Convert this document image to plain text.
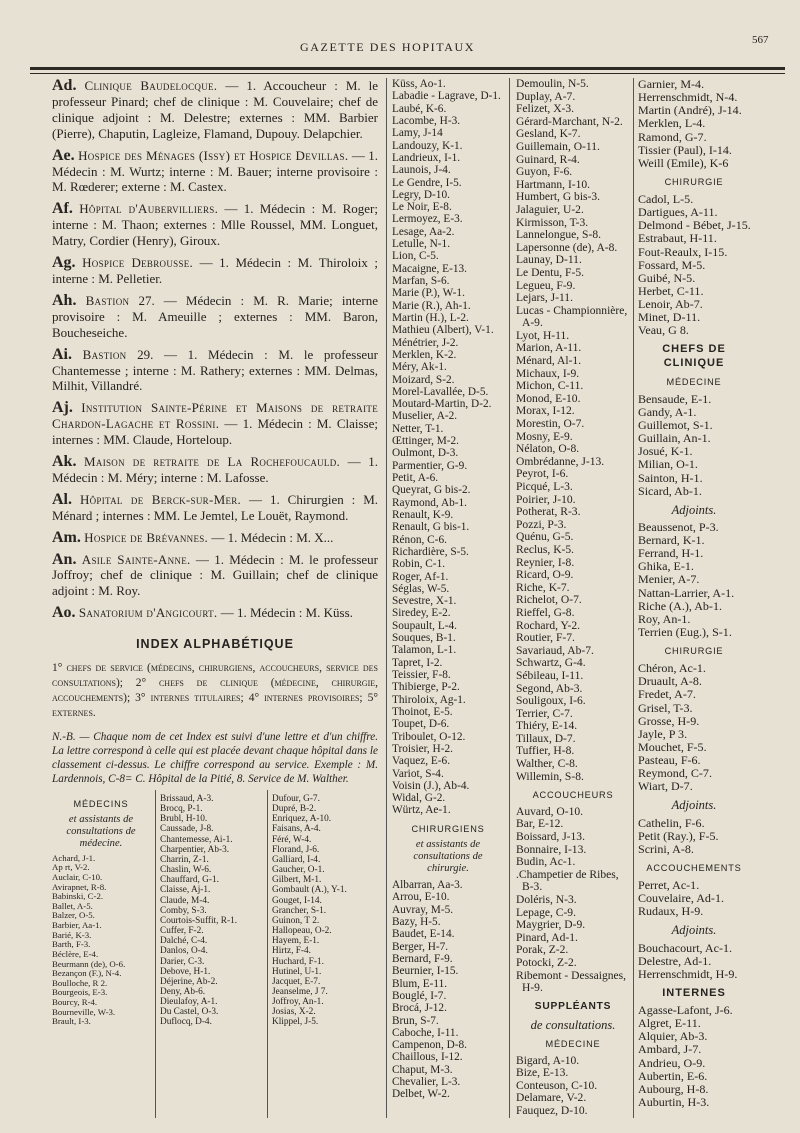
GAZETTE DES HOPITAUX	567

Ad. Clinique Baudelocque. — 1. Accoucheur : M. le professeur Pinard; chef de clinique : M. Couvelaire; chef de clinique adjoint : M. Delestre; externes : MM. Barbier (Pierre), Chaputin, Lagleize, Flamand, Dupouy. Delapchier.

Ae. Hospice des Ménages (Issy) et Hospice Devillas. — 1. Médecin : M. Wurtz; interne : M. Bauer; interne provisoire : M. Rœderer; externe : M. Castex.

Af. Hôpital d'Aubervilliers. — 1. Médecin : M. Roger; interne : M. Thaon; externes : Mlle Roussel, MM. Longuet, Matry, Cordier (Henry), Giroux.

Ag. Hospice Debrousse. — 1. Médecin : M. Thiroloix ; interne : M. Pelletier.

Ah. Bastion 27. — Médecin : M. R. Marie; interne provisoire : M. Ameuille ; externes : MM. Baron, Boucheseiche.

Ai. Bastion 29. — 1. Médecin : M. le professeur Chantemesse ; interne : M. Rathery; externes : MM. Delmas, Milhit, Villandré.

Aj. Institution Sainte-Périne et Maisons de retraite Chardon-Lagache et Rossini. — 1. Médecin : M. Claisse; internes : MM. Claude, Horteloup.

Ak. Maison de retraite de La Rochefoucauld. — 1. Médecin : M. Méry; interne : M. Lafosse.

Al. Hôpital de Berck-sur-Mer. — 1. Chirurgien : M. Ménard ; internes : MM. Le Jemtel, Le Louët, Raymond.

Am. Hospice de Brévannes. — 1. Médecin : M. X...

An. Asile Sainte-Anne. — 1. Médecin : M. le professeur Joffroy; chef de clinique : M. Guillain; chef de clinique adjoint : M. Roy.

Ao. Sanatorium d'Angicourt. — 1. Médecin : M. Küss.

INDEX ALPHABÉTIQUE

1° chefs de service (médecins, chirurgiens, accoucheurs, service des consultations); 2° chefs de clinique (médecine, chirurgie, accouchements); 3° internes titulaires; 4° internes provisoires; 5° externes.

N.-B. — Chaque nom de cet Index est suivi d'une lettre et d'un chiffre. La lettre correspond à celle qui est placée devant chaque hôpital dans le classement ci-dessus. Le chiffre correspond au service. Exemple : M. Lardennois, C-8= C. Hôpital de la Pitié, 8. Service de M. Walther.

MÉDECINS
et assistants de consultations de médecine.
Achard, J-1.
Ap rt, V-2.
Auclair, C-10.
Avirapnet, R-8.
Babinski, C-2.
Ballet, A-5.
Balzer, O-5.
Barbier, Aa-1.
Barié, K-3.
Barth, F-3.
Béclère, E-4.
Beurmann (de), O-6.
Bezançon (F.), N-4.
Boulloche, R 2.
Bourgeois, E-3.
Bourcy, R-4.
Bourneville, W-3.
Brault, I-3.
Brissaud, A-3.
Brocq, P-1.
Brubl, H-10.
Caussade, J-8.
Chantemesse, Ai-1.
Charpentier, Ab-3.
Charrin, Z-1.
Chaslin, W-6.
Chauffard, G-1.
Claisse, Aj-1.
Claude, M-4.
Comby, S-3.
Courtois-Suffit, R-1.
Cuffer, F-2.
Dalché, C-4.
Danlos, O-4.
Darier, C-3.
Debove, H-1.
Déjerine, Ab-2.
Deny, Ab-6.
Dieulafoy, A-1.
Du Castel, O-3.
Duflocq, D-4.
Dufour, G-7.
Dupré, B-2.
Enriquez, A-10.
Faisans, A-4.
Féré, W-4.
Florand, J-6.
Galliard, I-4.
Gaucher, O-1.
Gilbert, M-1.
Gombault (A.), Y-1.
Gouget, I-14.
Grancher, S-1.
Guinon, T 2.
Hallopeau, O-2.
Hayem, E-1.
Hirtz, F-4.
Huchard, F-1.
Hutinel, U-1.
Jacquet, E-7.
Jeanselme, J 7.
Joffroy, An-1.
Josias, X-2.
Klippel, J-5.
Küss, Ao-1.
Labadie - Lagrave, D-1.
Laubé, K-6.
Lacombe, H-3.
Lamy, J-14
Landouzy, K-1.
Landrieux, I-1.
Launois, J-4.
Le Gendre, I-5.
Legry, D-10.
Le Noir, E-8.
Lermoyez, E-3.
Lesage, Aa-2.
Letulle, N-1.
Lion, C-5.
Macaigne, E-13.
Marfan, S-6.
Marie (P.), W-1.
Marie (R.), Ah-1.
Martin (H.), L-2.
Mathieu (Albert), V-1.
Ménétrier, J-2.
Merklen, K-2.
Méry, Ak-1.
Moizard, S-2.
Morel-Lavallée, D-5.
Moutard-Martin, D-2.
Muselier, A-2.
Netter, T-1.
Œttinger, M-2.
Oulmont, D-3.
Parmentier, G-9.
Petit, A-6.
Queyrat, G bis-2.
Raymond, Ab-1.
Renault, K-9.
Renault, G bis-1.
Rénon, C-6.
Richardière, S-5.
Robin, C-1.
Roger, Af-1.
Séglas, W-5.
Sevestre, X-1.
Siredey, E-2.
Soupault, L-4.
Souques, B-1.
Talamon, L-1.
Tapret, I-2.
Teissier, F-8.
Thibierge, P-2.
Thiroloix, Ag-1.
Thoinot, E-5.
Toupet, D-6.
Triboulet, O-12.
Troisier, H-2.
Vaquez, E-6.
Variot, S-4.
Voisin (J.), Ab-4.
Widal, G-2.
Würtz, Ae-1.
CHIRURGIENS
et assistants de consultations de chirurgie.
Albarran, Aa-3.
Arrou, E-10.
Auvray, M-5.
Bazy, H-5.
Baudet, E-14.
Berger, H-7.
Bernard, F-9.
Beurnier, I-15.
Blum, E-11.
Bouglé, I-7.
Brocá, J-12.
Brun, S-7.
Caboche, I-11.
Campenon, D-8.
Chaillous, I-12.
Chaput, M-3.
Chevalier, L-3.
Delbet, W-2.
Demoulin, N-5.
Duplay, A-7.
Felizet, X-3.
Gérard-Marchant, N-2.
Gesland, K-7.
Guillemain, O-11.
Guinard, R-4.
Guyon, F-6.
Hartmann, I-10.
Humbert, G bis-3.
Jalaguier, U-2.
Kirmisson, T-3.
Lannelongue, S-8.
Lapersonne (de), A-8.
Launay, D-11.
Le Dentu, F-5.
Legueu, F-9.
Lejars, J-11.
Lucas - Championnière, A-9.
Lyot, H-11.
Marion, A-11.
Ménard, Al-1.
Michaux, I-9.
Michon, C-11.
Monod, E-10.
Morax, I-12.
Morestin, O-7.
Mosny, E-9.
Nélaton, O-8.
Ombrédanne, J-13.
Peyrot, I-6.
Picqué, L-3.
Poirier, J-10.
Potherat, R-3.
Pozzi, P-3.
Quénu, G-5.
Reclus, K-5.
Reynier, I-8.
Ricard, O-9.
Riche, K-7.
Richelot, O-7.
Rieffel, G-8.
Rochard, Y-2.
Routier, F-7.
Savariaud, Ab-7.
Schwartz, G-4.
Sébileau, I-11.
Segond, Ab-3.
Souligoux, I-6.
Terrier, C-7.
Thiéry, E-14.
Tillaux, D-7.
Tuffier, H-8.
Walther, C-8.
Willemin, S-8.
ACCOUCHEURS
Auvard, O-10.
Bar, E-12.
Boissard, J-13.
Bonnaire, I-13.
Budin, Ac-1.
.Champetier de Ribes, B-3.
Doléris, N-3.
Lepage, C-9.
Maygrier, D-9.
Pinard, Ad-1.
Porak, Z-2.
Potocki, Z-2.
Ribemont - Dessaignes, H-9.
SUPPLÉANTS
de consultations.
MÉDECINE
Bigard, A-10.
Bize, E-13.
Conteuson, C-10.
Delamare, V-2.
Fauquez, D-10.
Garnier, M-4.
Herrenschmidt, N-4.
Martin (André), J-14.
Merklen, L-4.
Ramond, G-7.
Tissier (Paul), I-14.
Weill (Emile), K-6
CHIRURGIE
Cadol, L-5.
Dartigues, A-11.
Delmond - Bébet, J-15.
Estrabaut, H-11.
Fout-Reaulx, I-15.
Fossard, M-5.
Guibé, N-5.
Herbet, C-11.
Lenoir, Ab-7.
Minet, D-11.
Veau, G 8.
CHEFS DE CLINIQUE
MÉDECINE
Bensaude, E-1.
Gandy, A-1.
Guillemot, S-1.
Guillain, An-1.
Josué, K-1.
Milian, O-1.
Sainton, H-1.
Sicard, Ab-1.
Adjoints.
Beaussenot, P-3.
Bernard, K-1.
Ferrand, H-1.
Ghika, E-1.
Menier, A-7.
Nattan-Larrier, A-1.
Riche (A.), Ab-1.
Roy, An-1.
Terrien (Eug.), S-1.
CHIRURGIE
Chéron, Ac-1.
Druault, A-8.
Fredet, A-7.
Grisel, T-3.
Grosse, H-9.
Jayle, P 3.
Mouchet, F-5.
Pasteau, F-6.
Reymond, C-7.
Wiart, D-7.
Adjoints.
Cathelin, F-6.
Petit (Ray.), F-5.
Scrini, A-8.
ACCOUCHEMENTS
Perret, Ac-1.
Couvelaire, Ad-1.
Rudaux, H-9.
Adjoints.
Bouchacourt, Ac-1.
Delestre, Ad-1.
Herrenschmidt, H-9.
INTERNES
Agasse-Lafont, J-6.
Algret, E-11.
Alquier, Ab-3.
Ambard, J-7.
Andrieu, O-9.
Aubertin, E-6.
Aubourg, H-8.
Auburtin, H-3.
